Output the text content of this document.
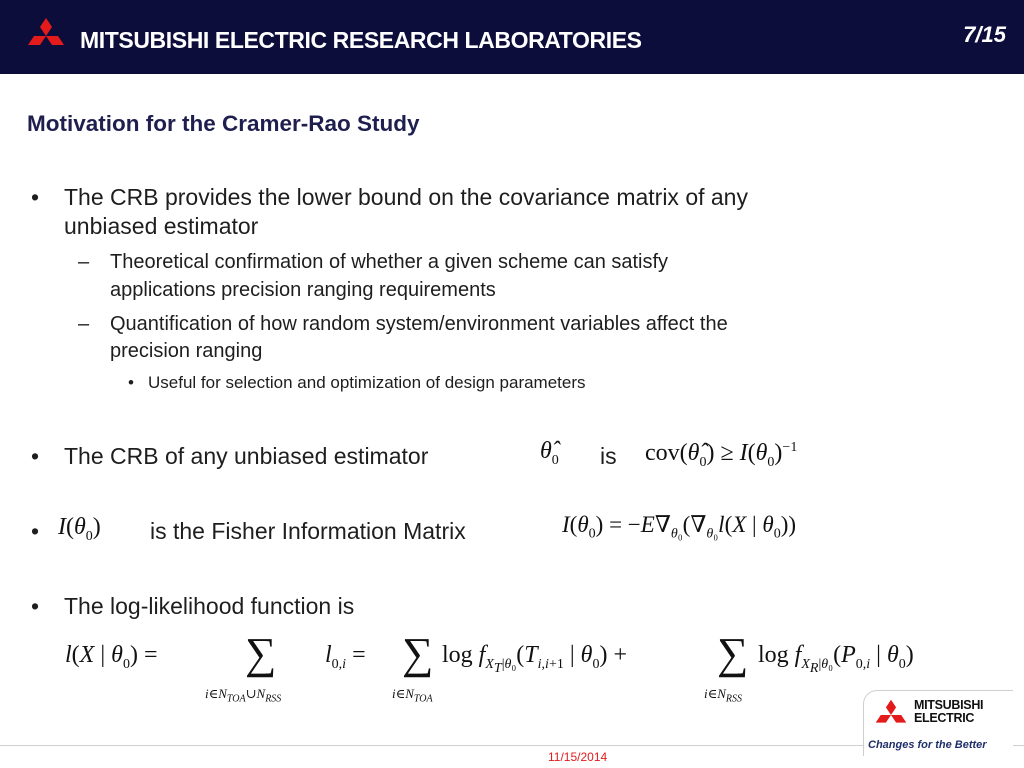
MITSUBISHI ELECTRIC RESEARCH LABORATORIES	7/15
Motivation for the Cramer-Rao Study
• The CRB provides the lower bound on the covariance matrix of any
unbiased estimator
– Theoretical confirmation of whether a given scheme can satisfy
applications precision ranging requirements
– Quantification of how random system/environment variables affect the
precision ranging
• Useful for selection and optimization of design parameters
• The CRB of any unbiased estimator	$\thetâ_0$ is $cov(\thetâ_0) \ge I(\theta_0)^{-1}$
• $I(\theta_0)$ is the Fisher Information Matrix	$I(\theta_0) = -E\nabla_{\theta_0}(\nabla_{\theta_0}l(X$ | $\theta_0$))
• The log-likelihood function is
l(X | $\theta_0$) = ∑
$i\in N_{TOA}\cup N_{RSS}$
$l_{0,i}$ = ∑
$i\in N_{TOA}$
$\log f_{X_T|\theta_0}(T_{i,i+1}$ | $\theta_0$) + ∑
$i\in N_{RSS}$
$\log f_{X_R|\theta_0}(P_{0,i}$ | $\theta_0$)
11/15/2014
MITSUBISHI
ELECTRIC
Changes for the Better
